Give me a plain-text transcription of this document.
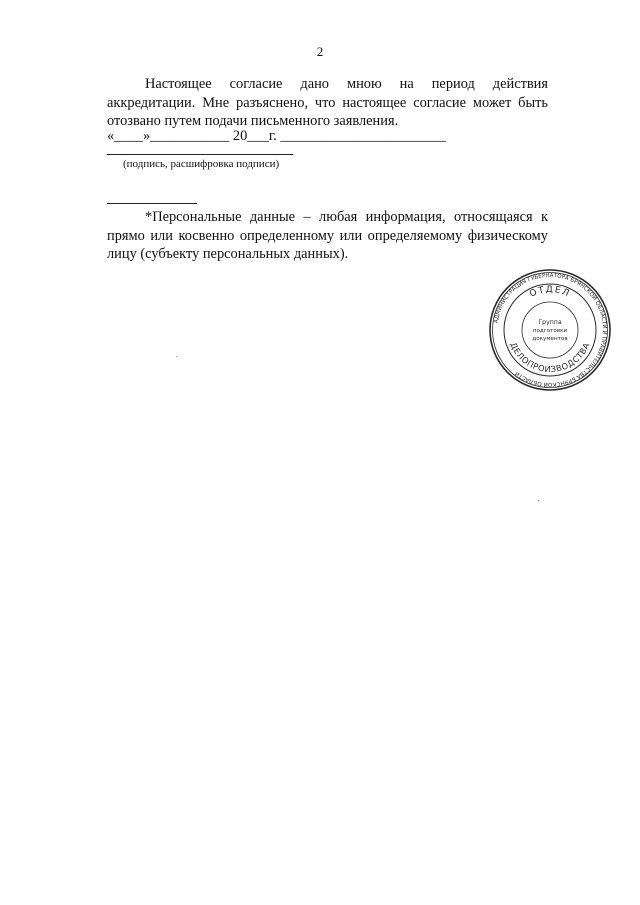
2
Настоящее согласие дано мною на период действия аккредитации. Мне разъяснено, что настоящее согласие может быть отозвано путем подачи письменного заявления.
«____»___________ 20___г. _______________________
(подпись, расшифровка подписи)
*Персональные данные – любая информация, относящаяся к прямо или косвенно определенному или определяемому физическому лицу (субъекту персональных данных).
АДМИНИСТРАЦИЯ ГУБЕРНАТОРА БРЯНСКОЙ ОБЛАСТИ И ПРАВИТЕЛЬСТВА БРЯНСКОЙ ОБЛАСТИ
ОТДЕЛ
ДЕЛОПРОИЗВОДСТВА
Группа
подготовки
документов
